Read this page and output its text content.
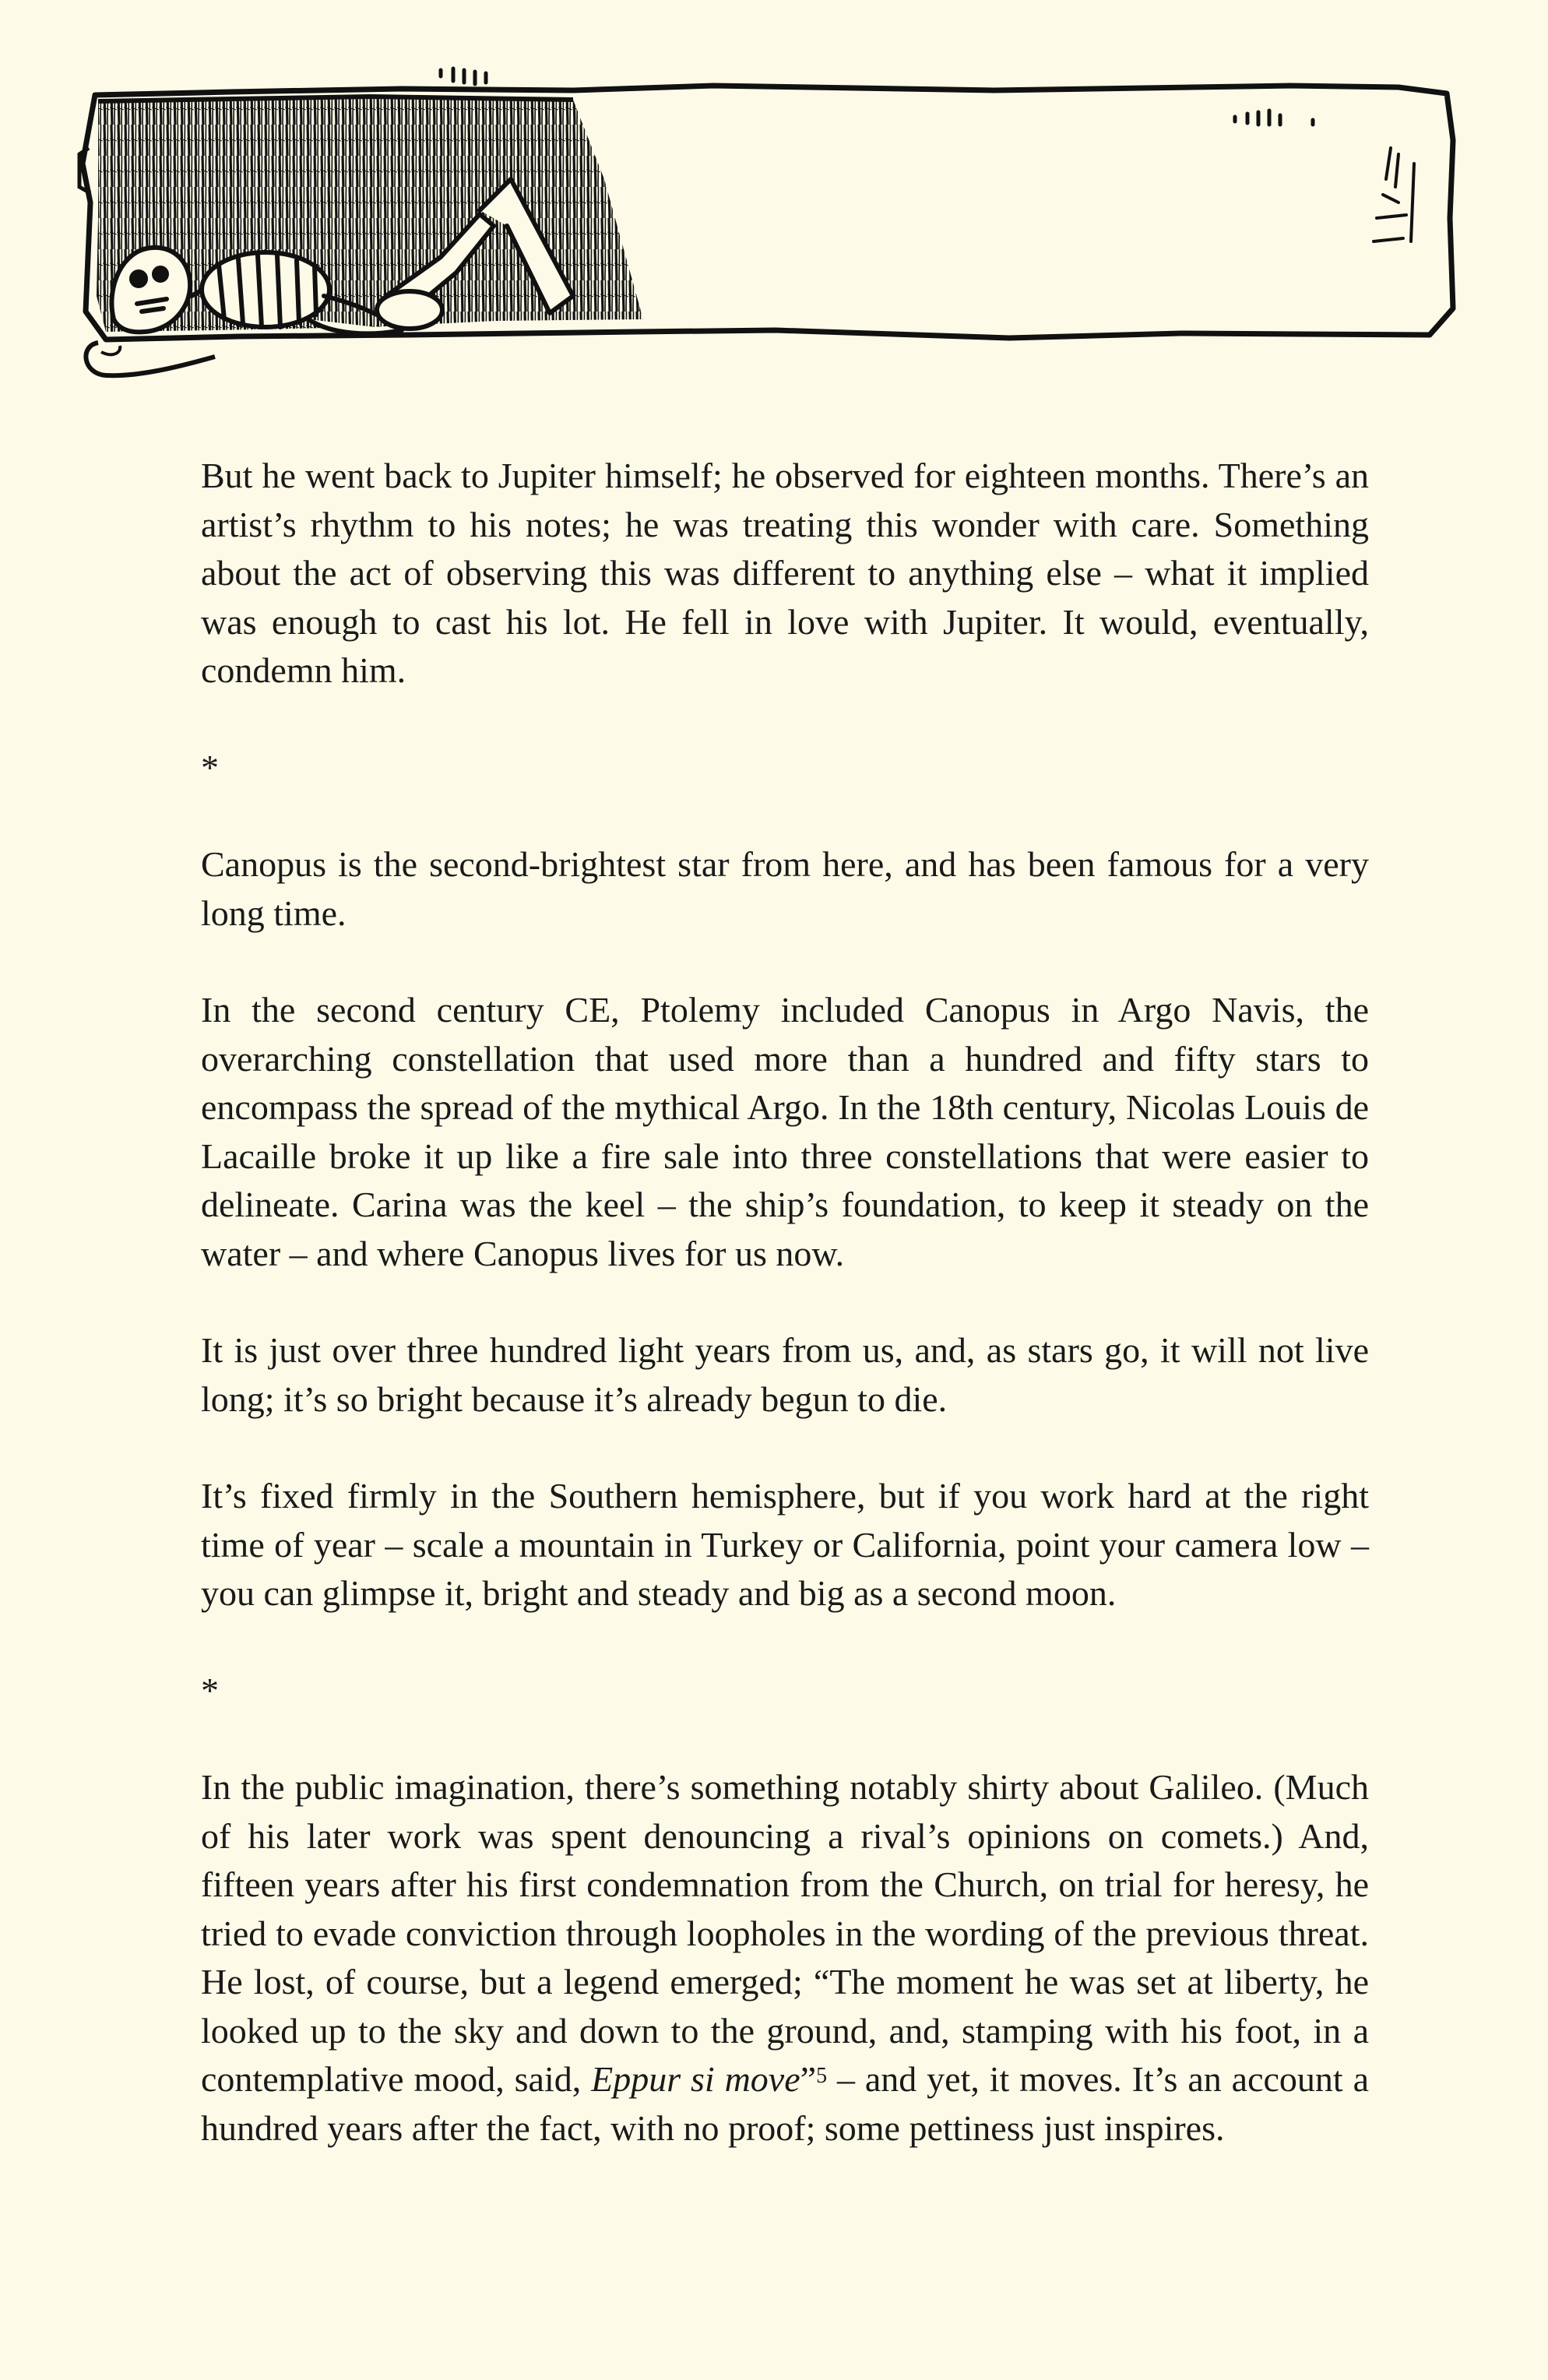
But he went back to Jupiter himself; he observed for eighteen months. There’s an artist’s rhythm to his notes; he was treating this wonder with care. Something about the act of observing this was different to anything else – what it implied was enough to cast his lot. He fell in love with Jupiter. It would, eventually, condemn him.

*

Canopus is the second-brightest star from here, and has been famous for a very long time.

In the second century CE, Ptolemy included Canopus in Argo Navis, the overarching constellation that used more than a hundred and fifty stars to encompass the spread of the mythical Argo. In the 18th century, Nicolas Louis de Lacaille broke it up like a fire sale into three constellations that were easier to delineate. Carina was the keel – the ship’s foundation, to keep it steady on the water – and where Canopus lives for us now.

It is just over three hundred light years from us, and, as stars go, it will not live long; it’s so bright because it’s already begun to die.

It’s fixed firmly in the Southern hemisphere, but if you work hard at the right time of year – scale a mountain in Turkey or California, point your camera low – you can glimpse it, bright and steady and big as a second moon.

*

In the public imagination, there’s something notably shirty about Galileo. (Much of his later work was spent denouncing a rival’s opinions on comets.) And, fifteen years after his first condemnation from the Church, on trial for heresy, he tried to evade conviction through loopholes in the wording of the previous threat. He lost, of course, but a legend emerged; “The moment he was set at liberty, he looked up to the sky and down to the ground, and, stamping with his foot, in a contemplative mood, said, Eppur si move”$^5$ – and yet, it moves. It’s an account a hundred years after the fact, with no proof; some pettiness just inspires.
